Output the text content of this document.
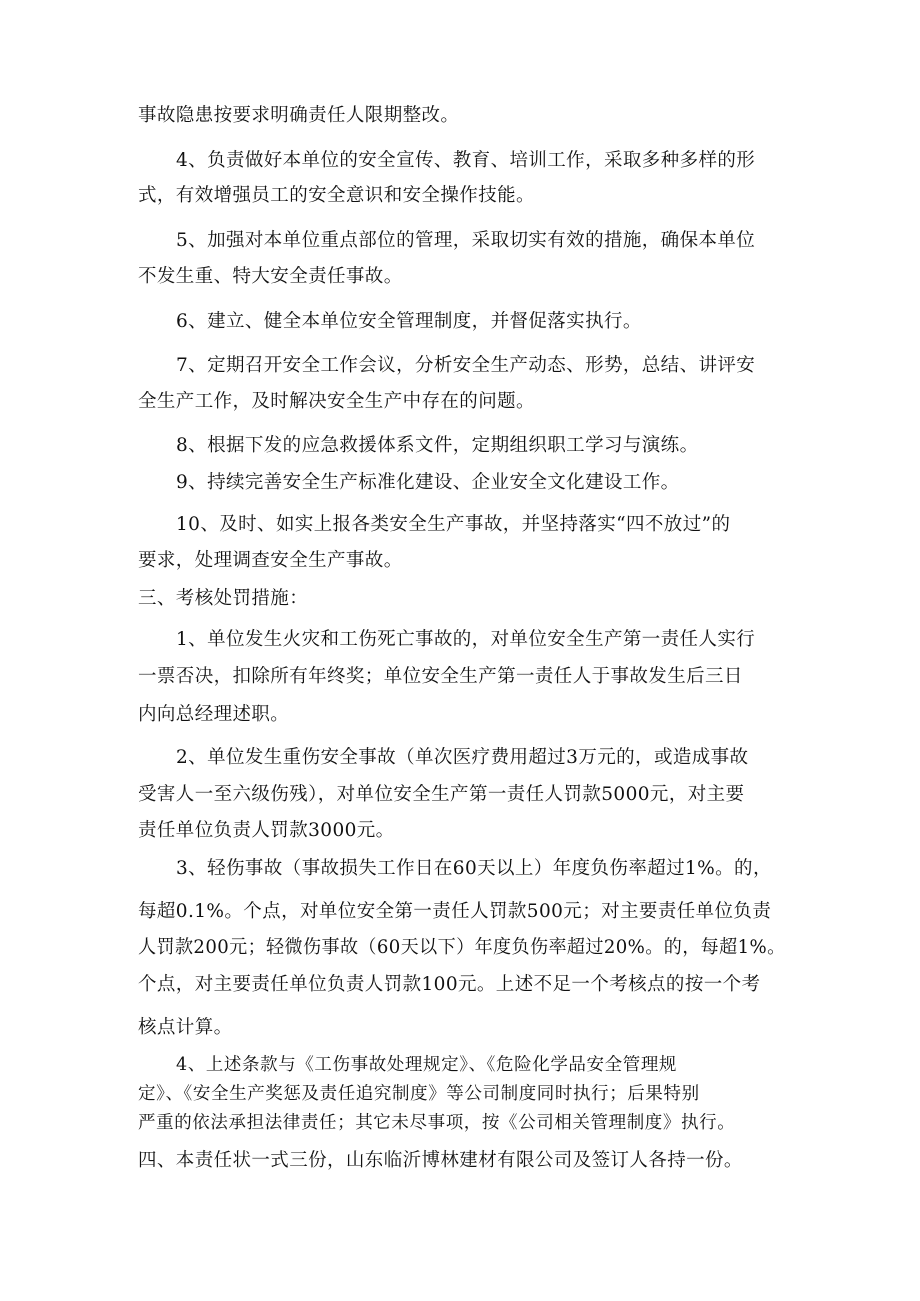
事故隐患按要求明确责任人限期整改。
4、负责做好本单位的安全宣传、教育、培训工作，采取多种多样的形
式，有效增强员工的安全意识和安全操作技能。
5、加强对本单位重点部位的管理，采取切实有效的措施，确保本单位
不发生重、特大安全责任事故。
6、建立、健全本单位安全管理制度，并督促落实执行。
7、定期召开安全工作会议，分析安全生产动态、形势，总结、讲评安
全生产工作，及时解决安全生产中存在的问题。
8、根据下发的应急救援体系文件，定期组织职工学习与演练。
9、持续完善安全生产标准化建设、企业安全文化建设工作。
10、及时、如实上报各类安全生产事故，并坚持落实“四不放过”的
要求，处理调查安全生产事故。
三、考核处罚措施：
1、单位发生火灾和工伤死亡事故的，对单位安全生产第一责任人实行
一票否决，扣除所有年终奖；单位安全生产第一责任人于事故发生后三日
内向总经理述职。
2、单位发生重伤安全事故（单次医疗费用超过3万元的，或造成事故
受害人一至六级伤残），对单位安全生产第一责任人罚款5000元，对主要
责任单位负责人罚款3000元。
3、轻伤事故（事故损失工作日在60天以上）年度负伤率超过1%。的，
每超0.1%。个点，对单位安全第一责任人罚款500元；对主要责任单位负责
人罚款200元；轻微伤事故（60天以下）年度负伤率超过20%。的，每超1%。
个点，对主要责任单位负责人罚款100元。上述不足一个考核点的按一个考
核点计算。
4、上述条款与《工伤事故处理规定》、《危险化学品安全管理规
定》、《安全生产奖惩及责任追究制度》等公司制度同时执行；后果特别
严重的依法承担法律责任；其它未尽事项，按《公司相关管理制度》执行。
四、本责任状一式三份，山东临沂博林建材有限公司及签订人各持一份。
